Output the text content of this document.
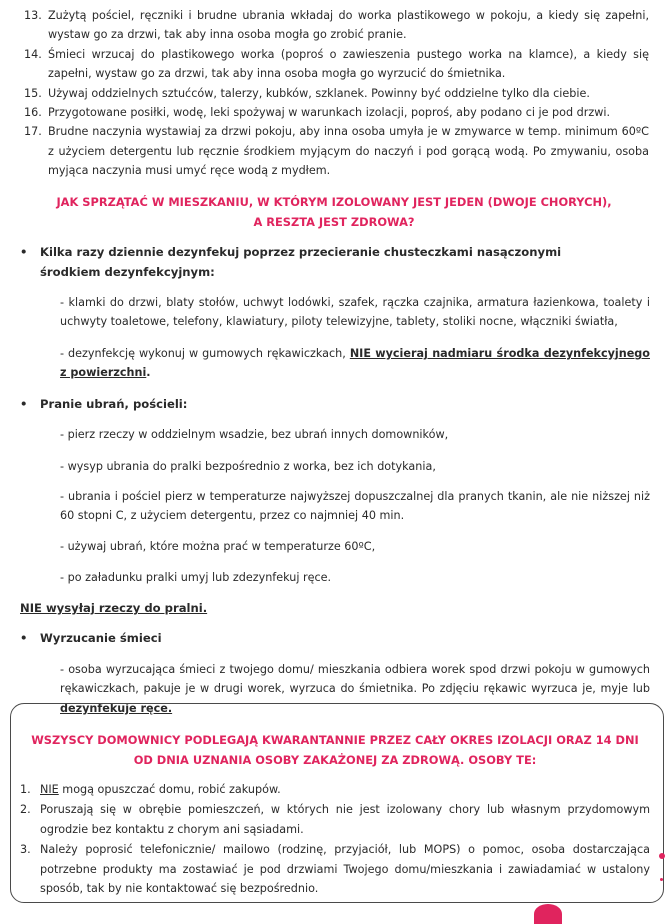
13. Zużytą pościel, ręczniki i brudne ubrania wkładaj do worka plastikowego w pokoju, a kiedy się zapełni, wystaw go za drzwi, tak aby inna osoba mogła go zrobić pranie.
14. Śmieci wrzucaj do plastikowego worka (poproś o zawieszenia pustego worka na klamce), a kiedy się zapełni, wystaw go za drzwi, tak aby inna osoba mogła go wyrzucić do śmietnika.
15. Używaj oddzielnych sztućców, talerzy, kubków, szklanek. Powinny być oddzielne tylko dla ciebie.
16. Przygotowane posiłki, wodę, leki spożywaj w warunkach izolacji, poproś, aby podano ci je pod drzwi.
17. Brudne naczynia wystawiaj za drzwi pokoju, aby inna osoba umyła je w zmywarce w temp. minimum 60ºC z użyciem detergentu lub ręcznie środkiem myjącym do naczyń i pod gorącą wodą. Po zmywaniu, osoba myjąca naczynia musi umyć ręce wodą z mydłem.
JAK SPRZĄTAĆ W MIESZKANIU, W KTÓRYM IZOLOWANY JEST JEDEN (DWOJE CHORYCH),
A RESZTA JEST ZDROWA?
•	Kilka razy dziennie dezynfekuj poprzez przecieranie chusteczkami nasączonymi środkiem dezynfekcyjnym:
- klamki do drzwi, blaty stołów, uchwyt lodówki, szafek, rączka czajnika, armatura łazienkowa, toalety i uchwyty toaletowe, telefony, klawiatury, piloty telewizyjne, tablety, stoliki nocne, włączniki światła,
- dezynfekcję wykonuj w gumowych rękawiczkach, NIE wycieraj nadmiaru środka dezynfekcyjnego z powierzchni.
•	Pranie ubrań, pościeli:
- pierz rzeczy w oddzielnym wsadzie, bez ubrań innych domowników,
- wysyp ubrania do pralki bezpośrednio z worka, bez ich dotykania,
- ubrania i pościel pierz w temperaturze najwyższej dopuszczalnej dla pranych tkanin, ale nie niższej niż 60 stopni C, z użyciem detergentu, przez co najmniej 40 min.
- używaj ubrań, które można prać w temperaturze 60ºC,
- po załadunku pralki umyj lub zdezynfekuj ręce.
NIE wysyłaj rzeczy do pralni.
•	Wyrzucanie śmieci
- osoba wyrzucająca śmieci z twojego domu/ mieszkania odbiera worek spod drzwi pokoju w gumowych rękawiczkach, pakuje je w drugi worek, wyrzuca do śmietnika. Po zdjęciu rękawic wyrzuca je, myje lub dezynfekuje ręce.
WSZYSCY DOMOWNICY PODLEGAJĄ KWARANTANNIE PRZEZ CAŁY OKRES IZOLACJI ORAZ 14 DNI
OD DNIA UZNANIA OSOBY ZAKAŻONEJ ZA ZDROWĄ. OSOBY TE:
1. NIE mogą opuszczać domu, robić zakupów.
2. Poruszają się w obrębie pomieszczeń, w których nie jest izolowany chory lub własnym przydomowym ogrodzie bez kontaktu z chorym ani sąsiadami.
3. Należy poprosić telefonicznie/ mailowo (rodzinę, przyjaciół, lub MOPS) o pomoc, osoba dostarczająca potrzebne produkty ma zostawiać je pod drzwiami Twojego domu/mieszkania i zawiadamiać w ustalony sposób, tak by nie kontaktować się bezpośrednio.
